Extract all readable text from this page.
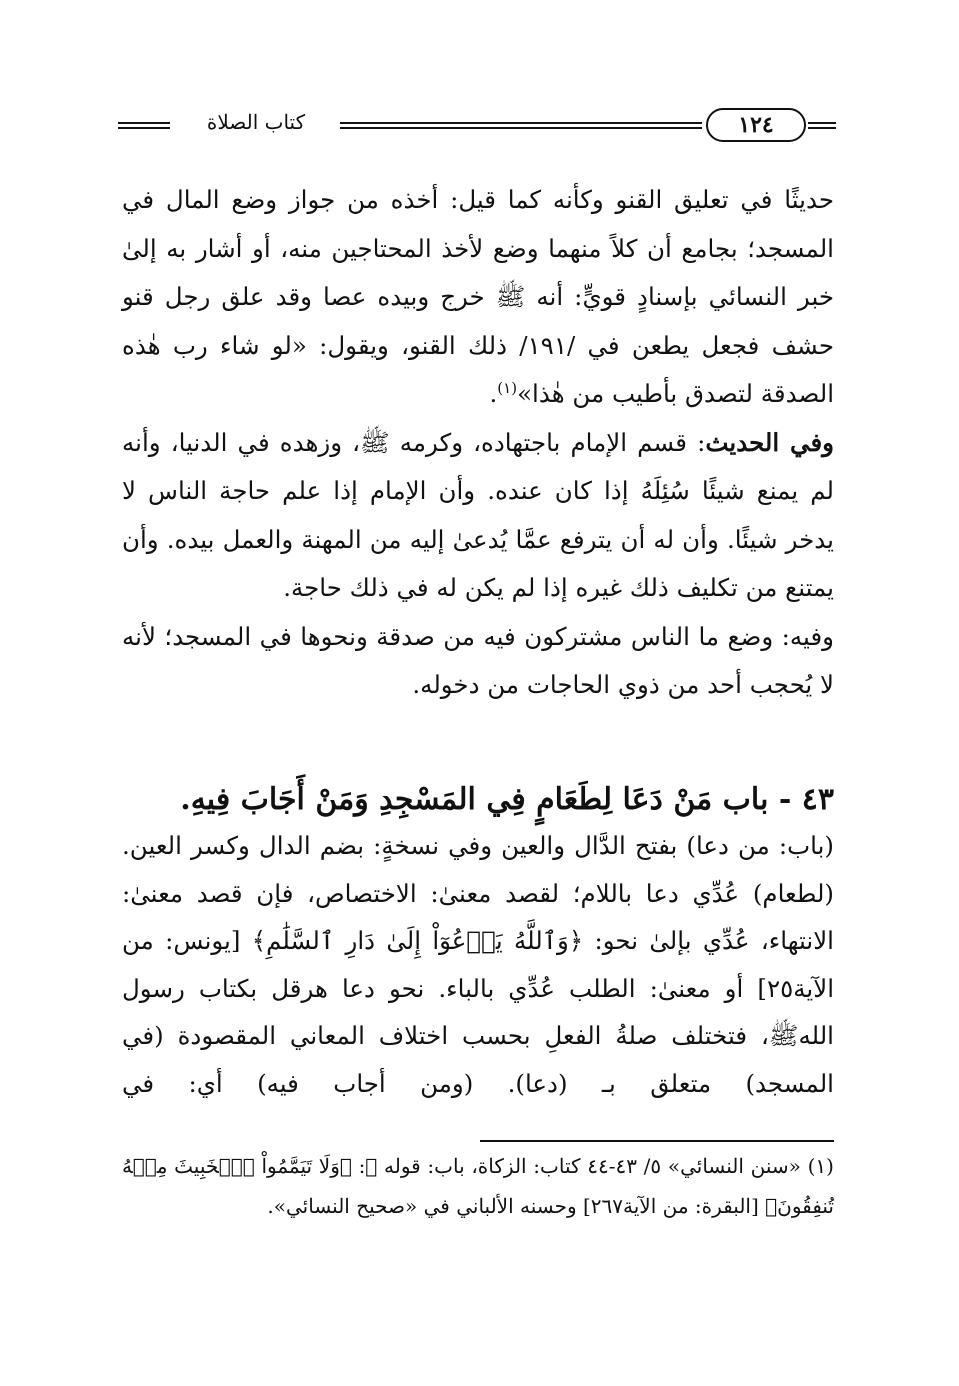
كتاب الصلاة	١٢٤

حديثًا في تعليق القنو وكأنه كما قيل: أخذه من جواز وضع المال في المسجد؛ بجامع أن كلاً منهما وضع لأخذ المحتاجين منه، أو أشار به إلىٰ خبر النسائي بإسنادٍ قويٍّ: أنه ﷺ خرج وبيده عصا وقد علق رجل قنو حشف فجعل يطعن في /١٩١/ ذلك القنو، ويقول: «لو شاء رب هٰذه الصدقة لتصدق بأطيب من هٰذا»$^{(١)}$.

وفي الحديث: قسم الإمام باجتهاده، وكرمه ﷺ، وزهده في الدنيا، وأنه لم يمنع شيئًا سُئِلَهُ إذا كان عنده. وأن الإمام إذا علم حاجة الناس لا يدخر شيئًا. وأن له أن يترفع عمَّا يُدعىٰ إليه من المهنة والعمل بيده. وأن يمتنع من تكليف ذلك غيره إذا لم يكن له في ذلك حاجة.

وفيه: وضع ما الناس مشتركون فيه من صدقة ونحوها في المسجد؛ لأنه لا يُحجب أحد من ذوي الحاجات من دخوله.

٤٣ - باب مَنْ دَعَا لِطَعَامٍ فِي المَسْجِدِ وَمَنْ أَجَابَ فِيهِ.

(باب: من دعا) بفتح الدَّال والعين وفي نسخةٍ: بضم الدال وكسر العين. (لطعام) عُدِّي دعا باللام؛ لقصد معنىٰ: الاختصاص، فإن قصد معنىٰ: الانتهاء، عُدِّي بإلىٰ نحو: ﴿وَٱللَّهُ يَدۡعُوٓاْ إِلَىٰ دَارِ ٱلسَّلَٰمِ﴾ [يونس: من الآية٢٥] أو معنىٰ: الطلب عُدِّي بالباء. نحو دعا هرقل بكتاب رسول اللهﷺ، فتختلف صلةُ الفعلِ بحسب اختلاف المعاني المقصودة (في المسجد) متعلق بـ (دعا). (ومن أجاب فيه) أي: في

(١) «سنن النسائي» ٥/ ٤٣-٤٤ كتاب: الزكاة، باب: قوله ﷻ: ﴿وَلَا تَيَمَّمُواْ ٱلۡخَبِيثَ مِنۡهُ تُنفِقُونَ﴾ [البقرة: من الآية٢٦٧] وحسنه الألباني في «صحيح النسائي».
